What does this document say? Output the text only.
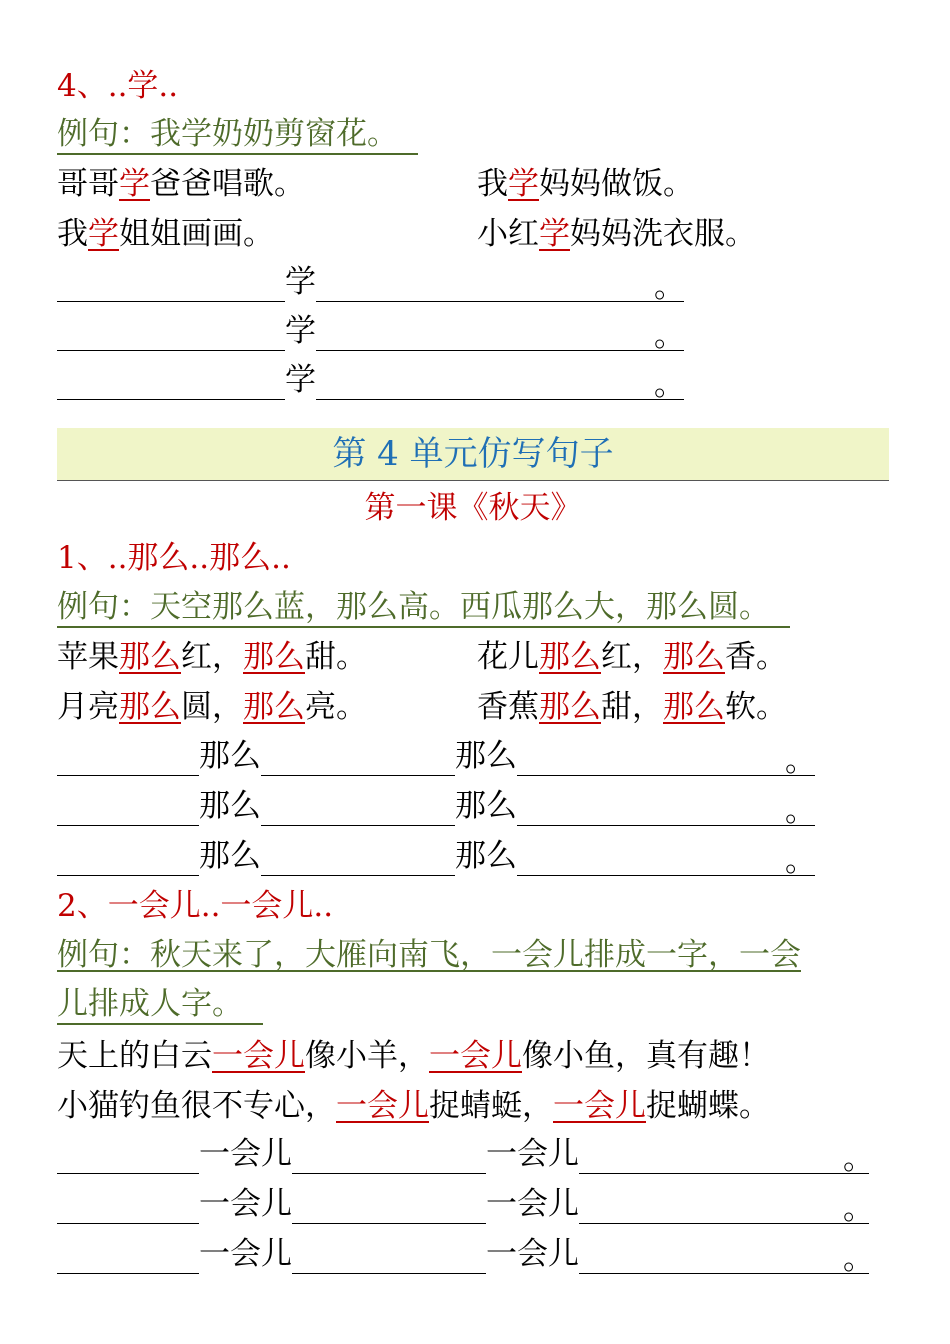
4、..学..
例句：我学奶奶剪窗花。
哥哥学爸爸唱歌。	我学妈妈做饭。
我学姐姐画画。	小红学妈妈洗衣服。
学	。
学	。
学	。
第 4 单元仿写句子
第一课《秋天》
1、..那么..那么..
例句：天空那么蓝，那么高。西瓜那么大，那么圆。
苹果那么红，那么甜。	花儿那么红，那么香。
月亮那么圆，那么亮。	香蕉那么甜，那么软。
那么	那么	。
那么	那么	。
那么	那么	。
2、一会儿..一会儿..
例句：秋天来了，大雁向南飞，一会儿排成一字，一会
儿排成人字。
天上的白云一会儿像小羊，一会儿像小鱼，真有趣！
小猫钓鱼很不专心，一会儿捉蜻蜓，一会儿捉蝴蝶。
一会儿	一会儿	。
一会儿	一会儿	。
一会儿	一会儿	。
